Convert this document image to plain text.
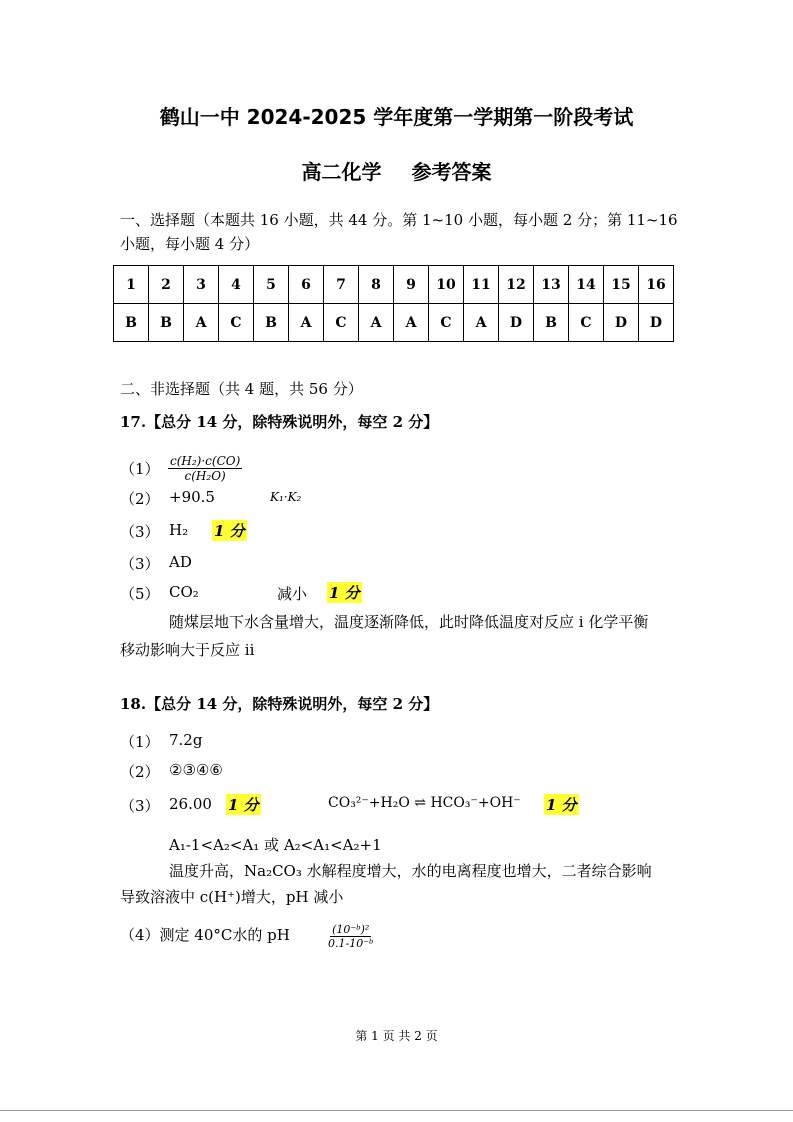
鹤山一中 2024-2025 学年度第一学期第一阶段考试
高二化学 参考答案
一、选择题（本题共 16 小题，共 44 分。第 1~10 小题，每小题 2 分；第 11~16
小题，每小题 4 分）
1	2	3	4	5	6	7	8	9	10	11	12	13	14	15	16
B	B	A	C	B	A	C	A	A	C	A	D	B	C	D	D
二、非选择题（共 4 题，共 56 分）
17.【总分 14 分，除特殊说明外，每空 2 分】
$(1) \frac{\text{c(H₂)·c(CO)}}{\text{c(H₂O)}}$
（2） +90.5	K₁·K₂
（3） H₂ 1 分
（3） AD
（5） CO₂	减小 1 分
随煤层地下水含量增大，温度逐渐降低，此时降低温度对反应 i 化学平衡
移动影响大于反应 ii
18.【总分 14 分，除特殊说明外，每空 2 分】
（1） 7.2g
（2） ②③④⑥
（3） 26.00 1 分	CO₃²⁻+H₂O ⇌ HCO₃⁻+OH⁻ 1 分
A₁-1<A₂<A₁ 或 A₂<A₁<A₂+1
温度升高，Na₂CO₃ 水解程度增大，水的电离程度也增大，二者综合影响
导致溶液中 c(H⁺)增大，pH 减小
（4）测定 40°C水的 pH	$\frac{\text{(10⁻ᵇ)²}}{\text{0.1-10⁻ᵇ}}$
第 1 页 共 2 页
